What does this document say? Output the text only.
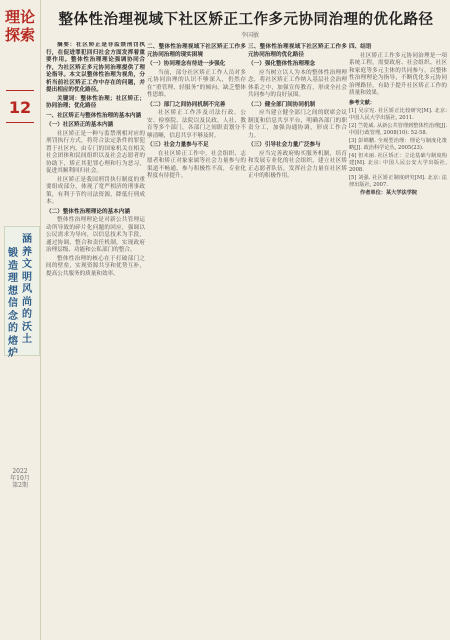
理论探索
12
涵养文明风尚的沃土
锻造理想信念的熔炉
2022年10月 第2期
整体性治理视域下社区矫正工作多元协同治理的优化路径
李国敏

摘要：社区矫正是非监禁刑罚执行，在促进罪犯回归社会方面发挥着重要作用。整体性治理理论强调协同合作，为社区矫正多元协同治理提供了理论指导。本文以整体性治理为视角，分析当前社区矫正工作中存在的问题，并提出相应的优化路径。

关键词：整体性治理；社区矫正；协同治理；优化路径

一、社区矫正与整体性治理的基本内涵

（一）社区矫正的基本内涵

社区矫正是一种与监禁刑相对应的刑罚执行方式，将符合法定条件的罪犯置于社区内，由专门的国家机关在相关社会团体和民间组织以及社会志愿者的协助下，矫正其犯罪心理和行为恶习，促进其顺利回归社会。

社区矫正是我国刑罚执行制度的重要组成部分，体现了宽严相济的刑事政策，有利于节约司法资源，降低行刑成本。

（二）整体性治理理论的基本内涵

整体性治理理论是对新公共管理运动所导致的碎片化问题的回应，强调以公民需求为导向，以信息技术为手段，通过协调、整合和责任机制，实现政府治理层级、功能和公私部门的整合。

整体性治理的核心在于打破部门之间的壁垒，实现资源共享和优势互补，提高公共服务的质量和效率。

二、整体性治理视域下社区矫正工作多元协同治理的现实困境

（一）协同理念有待进一步强化

当前，部分社区矫正工作人员对多元协同治理的认识不够深入，仍然存在“重管理、轻服务”的倾向，缺乏整体性思维。

（二）部门之间协同机制不完善

社区矫正工作涉及司法行政、公安、检察院、法院以及民政、人社、教育等多个部门，各部门之间职责划分不够清晰，信息共享不够及时。

（三）社会力量参与不足

在社区矫正工作中，社会组织、志愿者和矫正对象家属等社会力量参与的渠道不畅通，参与积极性不高，专业化程度有待提升。

三、整体性治理视域下社区矫正工作多元协同治理的优化路径

（一）强化整体性治理理念

应当树立以人为本的整体性治理理念，将社区矫正工作纳入基层社会治理体系之中，加强宣传教育，形成全社会共同参与的良好氛围。

（二）健全部门间协同机制

应当建立健全部门之间的联席会议制度和信息共享平台，明确各部门的职责分工，加强沟通协调，形成工作合力。

（三）引导社会力量广泛参与

应当完善政府购买服务机制，培育和发展专业化的社会组织，建立社区矫正志愿者队伍，发挥社会力量在社区矫正中的积极作用。

四、结语

社区矫正工作多元协同治理是一项系统工程，需要政府、社会组织、社区和家庭等多元主体的共同参与。以整体性治理理论为指导，不断优化多元协同治理路径，有助于提升社区矫正工作的质量和效果。

参考文献：

[1] 吴宗宪. 社区矫正比较研究[M]. 北京: 中国人民大学出版社, 2011.

[2] 竺乾威. 从新公共管理到整体性治理[J]. 中国行政管理, 2008(10): 52-58.

[3] 彭锦鹏. 全观型治理：理论与制度化策略[J]. 政治科学论丛, 2005(23).

[4] 但未丽. 社区矫正：立论基础与制度构建[M]. 北京: 中国人民公安大学出版社, 2008.

[5] 刘强. 社区矫正制度研究[M]. 北京: 法律出版社, 2007.

作者单位：某大学法学院
